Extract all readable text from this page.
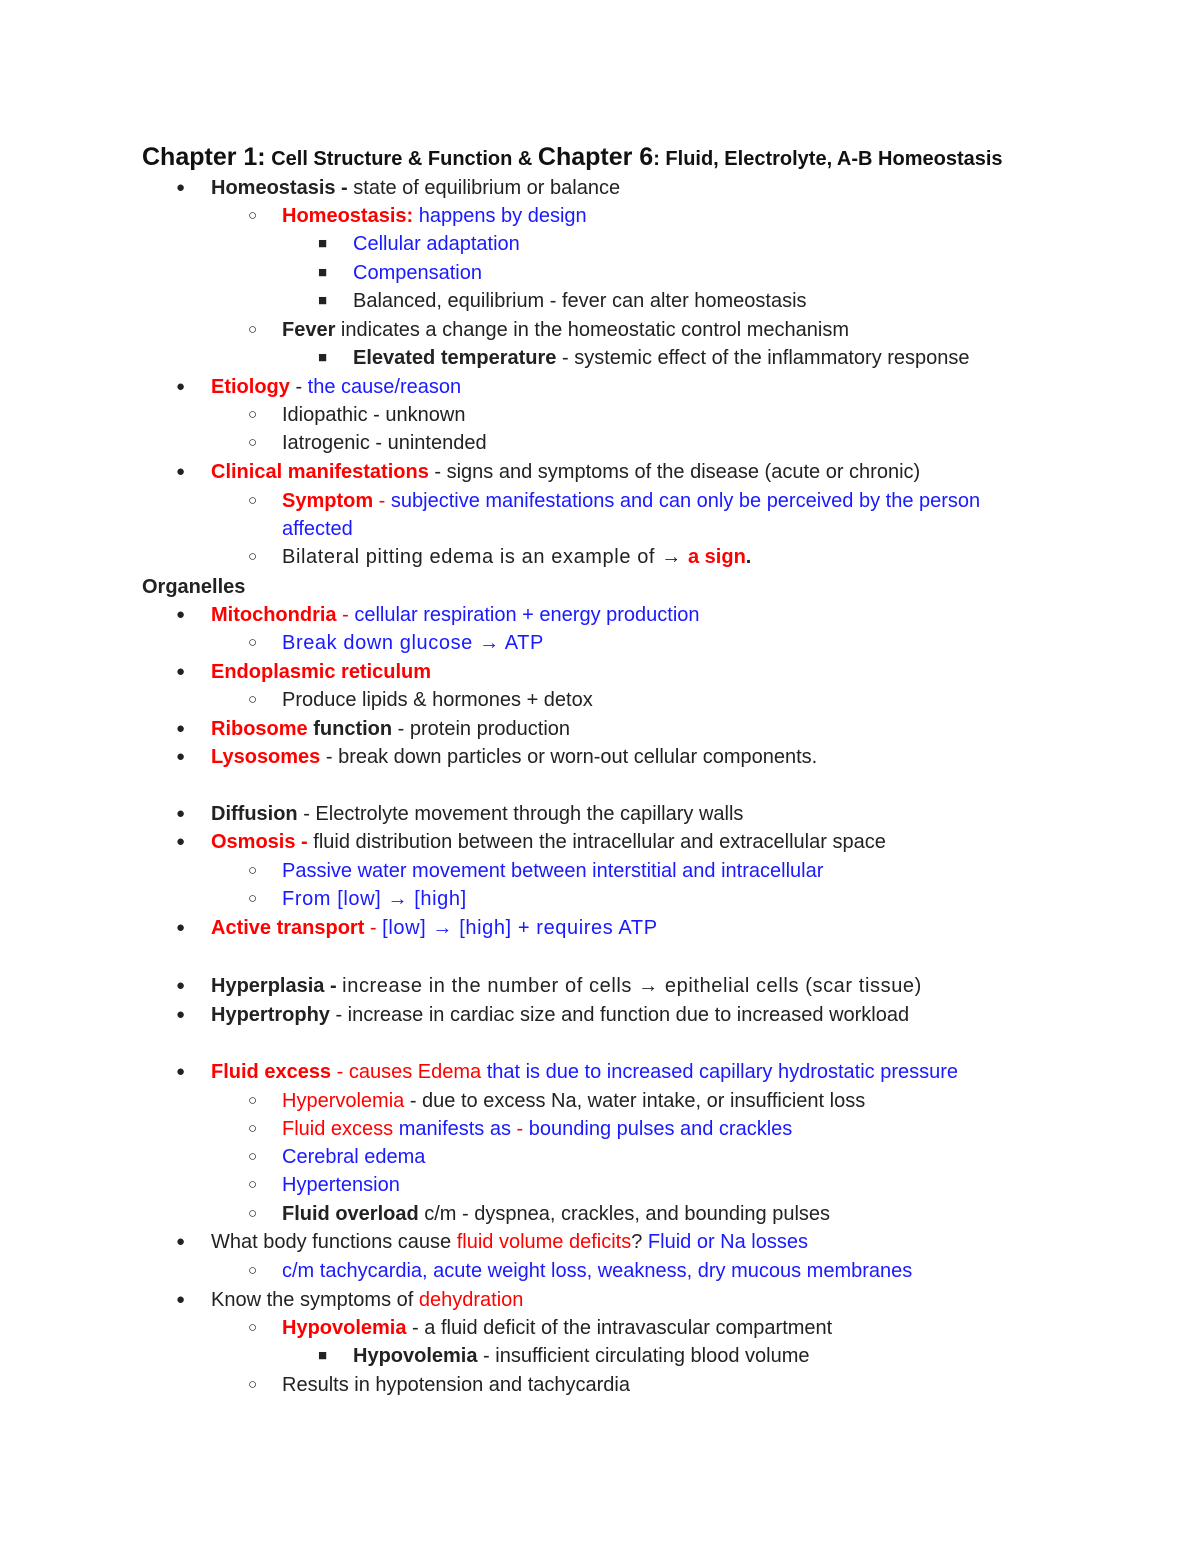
Chapter 1: Cell Structure & Function & Chapter 6: Fluid, Electrolyte, A-B Homeostasis
● Homeostasis - state of equilibrium or balance
○ Homeostasis: happens by design
■ Cellular adaptation
■ Compensation
■ Balanced, equilibrium - fever can alter homeostasis
○ Fever indicates a change in the homeostatic control mechanism
■ Elevated temperature - systemic effect of the inflammatory response
● Etiology - the cause/reason
○ Idiopathic - unknown
○ Iatrogenic - unintended
● Clinical manifestations - signs and symptoms of the disease (acute or chronic)
○ Symptom - subjective manifestations and can only be perceived by the person
affected
○ Bilateral pitting edema is an example of → a sign.
Organelles
● Mitochondria - cellular respiration + energy production
○ Break down glucose → ATP
● Endoplasmic reticulum
○ Produce lipids & hormones + detox
● Ribosome function - protein production
● Lysosomes - break down particles or worn-out cellular components.
● Diffusion - Electrolyte movement through the capillary walls
● Osmosis - fluid distribution between the intracellular and extracellular space
○ Passive water movement between interstitial and intracellular
○ From [low] → [high]
● Active transport - [low] → [high] + requires ATP
● Hyperplasia - increase in the number of cells → epithelial cells (scar tissue)
● Hypertrophy - increase in cardiac size and function due to increased workload
● Fluid excess - causes Edema that is due to increased capillary hydrostatic pressure
○ Hypervolemia - due to excess Na, water intake, or insufficient loss
○ Fluid excess manifests as - bounding pulses and crackles
○ Cerebral edema
○ Hypertension
○ Fluid overload c/m - dyspnea, crackles, and bounding pulses
● What body functions cause fluid volume deficits? Fluid or Na losses
○ c/m tachycardia, acute weight loss, weakness, dry mucous membranes
● Know the symptoms of dehydration
○ Hypovolemia - a fluid deficit of the intravascular compartment
■ Hypovolemia - insufficient circulating blood volume
○ Results in hypotension and tachycardia
